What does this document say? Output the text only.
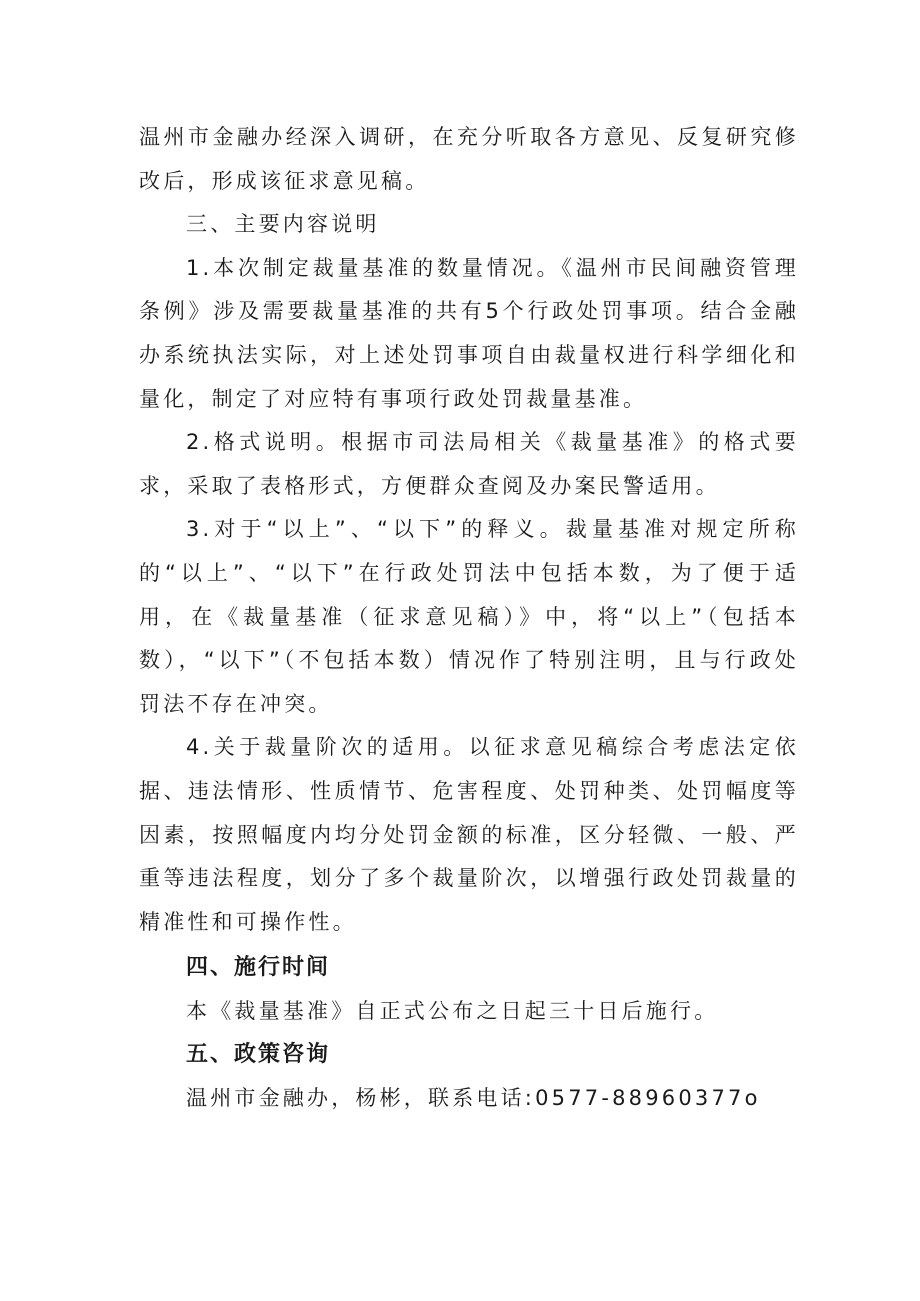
温州市金融办经深入调研，在充分听取各方意见、反复研究修改后，形成该征求意见稿。

三、主要内容说明

1.本次制定裁量基准的数量情况。《温州市民间融资管理条例》涉及需要裁量基准的共有5个行政处罚事项。结合金融办系统执法实际，对上述处罚事项自由裁量权进行科学细化和量化，制定了对应特有事项行政处罚裁量基准。

2.格式说明。根据市司法局相关《裁量基准》的格式要求，采取了表格形式，方便群众查阅及办案民警适用。

3.对于“以上”、“以下”的释义。裁量基准对规定所称的“以上”、“以下”在行政处罚法中包括本数，为了便于适用，在《裁量基准（征求意见稿）》中，将“以上”（包括本数），“以下”（不包括本数）情况作了特别注明，且与行政处罚法不存在冲突。

4.关于裁量阶次的适用。以征求意见稿综合考虑法定依据、违法情形、性质情节、危害程度、处罚种类、处罚幅度等因素，按照幅度内均分处罚金额的标准，区分轻微、一般、严重等违法程度，划分了多个裁量阶次，以增强行政处罚裁量的精准性和可操作性。

四、施行时间

本《裁量基准》自正式公布之日起三十日后施行。

五、政策咨询

温州市金融办，杨彬，联系电话:0577-88960377o
